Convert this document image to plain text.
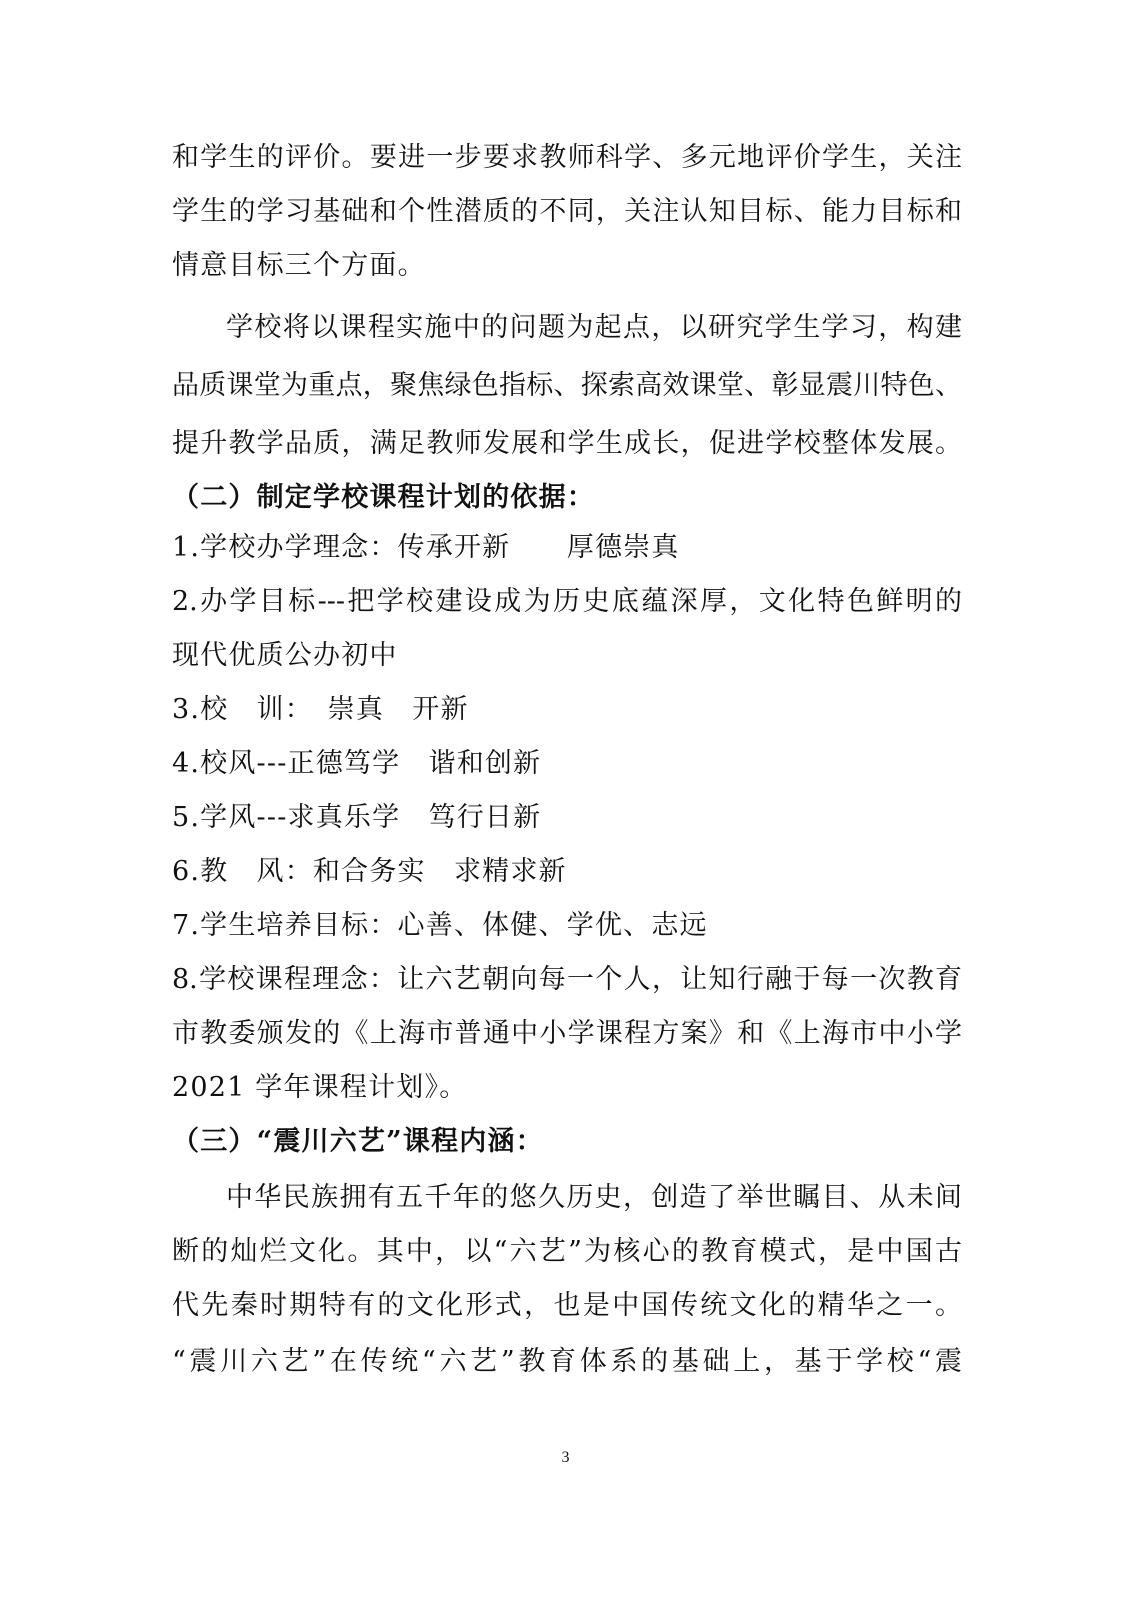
和学生的评价。要进一步要求教师科学、多元地评价学生，关注
学生的学习基础和个性潜质的不同，关注认知目标、能力目标和
情意目标三个方面。
学校将以课程实施中的问题为起点，以研究学生学习，构建
品质课堂为重点，聚焦绿色指标、探索高效课堂、彰显震川特色、
提升教学品质，满足教师发展和学生成长，促进学校整体发展。
（二）制定学校课程计划的依据：
1.学校办学理念：传承开新　　厚德崇真
2.办学目标---把学校建设成为历史底蕴深厚，文化特色鲜明的
现代优质公办初中
3.校　训：　崇真　开新
4.校风---正德笃学　谐和创新
5.学风---求真乐学　笃行日新
6.教　风：和合务实　求精求新
7.学生培养目标：心善、体健、学优、志远
8.学校课程理念：让六艺朝向每一个人，让知行融于每一次教育
市教委颁发的《上海市普通中小学课程方案》和《上海市中小学
2021 学年课程计划》。
（三）“震川六艺”课程内涵：
中华民族拥有五千年的悠久历史，创造了举世瞩目、从未间
断的灿烂文化。其中，以“六艺”为核心的教育模式，是中国古
代先秦时期特有的文化形式，也是中国传统文化的精华之一。
“震川六艺”在传统“六艺”教育体系的基础上，基于学校“震
3
